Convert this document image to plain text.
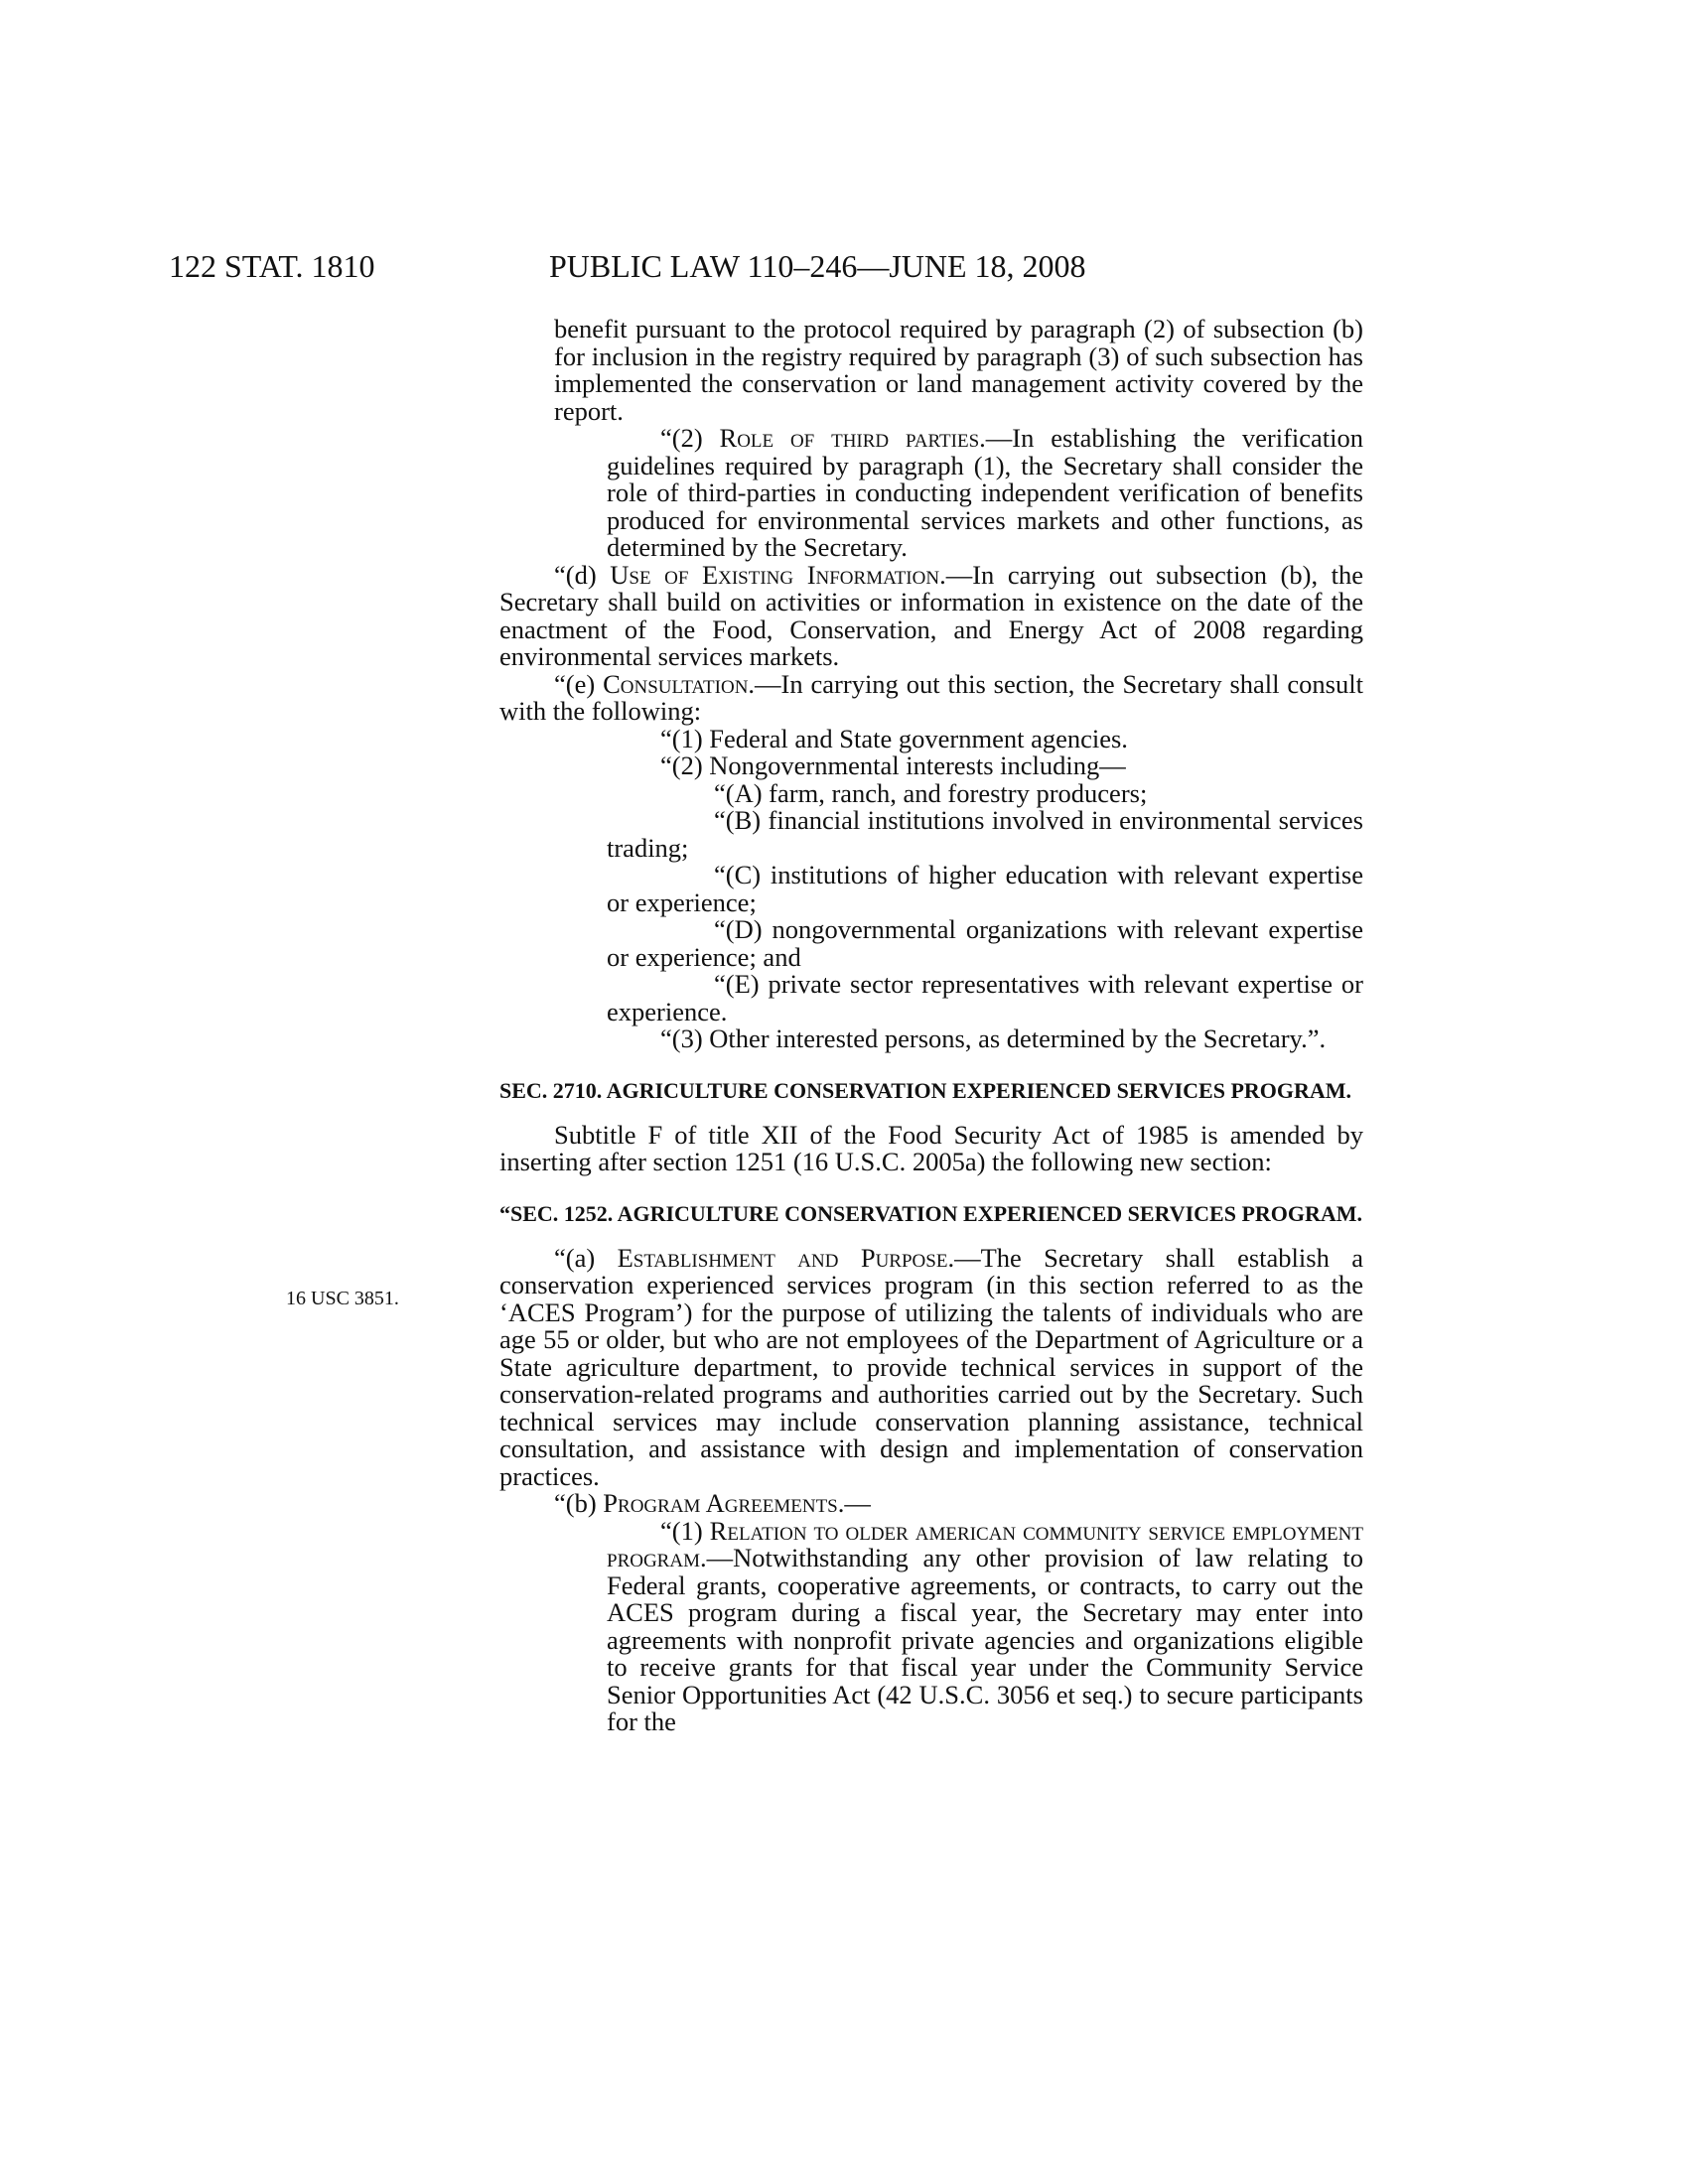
122 STAT. 1810	PUBLIC LAW 110–246—JUNE 18, 2008
16 USC 3851.

benefit pursuant to the protocol required by paragraph (2) of subsection (b) for inclusion in the registry required by paragraph (3) of such subsection has implemented the conservation or land management activity covered by the report.

“(2) Role of third parties.—In establishing the verification guidelines required by paragraph (1), the Secretary shall consider the role of third-parties in conducting independent verification of benefits produced for environmental services markets and other functions, as determined by the Secretary.

“(d) Use of Existing Information.—In carrying out subsection (b), the Secretary shall build on activities or information in existence on the date of the enactment of the Food, Conservation, and Energy Act of 2008 regarding environmental services markets.

“(e) Consultation.—In carrying out this section, the Secretary shall consult with the following:

“(1) Federal and State government agencies.

“(2) Nongovernmental interests including—

“(A) farm, ranch, and forestry producers;

“(B) financial institutions involved in environmental services trading;

“(C) institutions of higher education with relevant expertise or experience;

“(D) nongovernmental organizations with relevant expertise or experience; and

“(E) private sector representatives with relevant expertise or experience.

“(3) Other interested persons, as determined by the Secretary.”.

SEC. 2710. AGRICULTURE CONSERVATION EXPERIENCED SERVICES PROGRAM.

Subtitle F of title XII of the Food Security Act of 1985 is amended by inserting after section 1251 (16 U.S.C. 2005a) the following new section:

“SEC. 1252. AGRICULTURE CONSERVATION EXPERIENCED SERVICES PROGRAM.

“(a) Establishment and Purpose.—The Secretary shall establish a conservation experienced services program (in this section referred to as the ‘ACES Program’) for the purpose of utilizing the talents of individuals who are age 55 or older, but who are not employees of the Department of Agriculture or a State agriculture department, to provide technical services in support of the conservation-related programs and authorities carried out by the Secretary. Such technical services may include conservation planning assistance, technical consultation, and assistance with design and implementation of conservation practices.

“(b) Program Agreements.—

“(1) Relation to older american community service employment program.—Notwithstanding any other provision of law relating to Federal grants, cooperative agreements, or contracts, to carry out the ACES program during a fiscal year, the Secretary may enter into agreements with nonprofit private agencies and organizations eligible to receive grants for that fiscal year under the Community Service Senior Opportunities Act (42 U.S.C. 3056 et seq.) to secure participants for the
